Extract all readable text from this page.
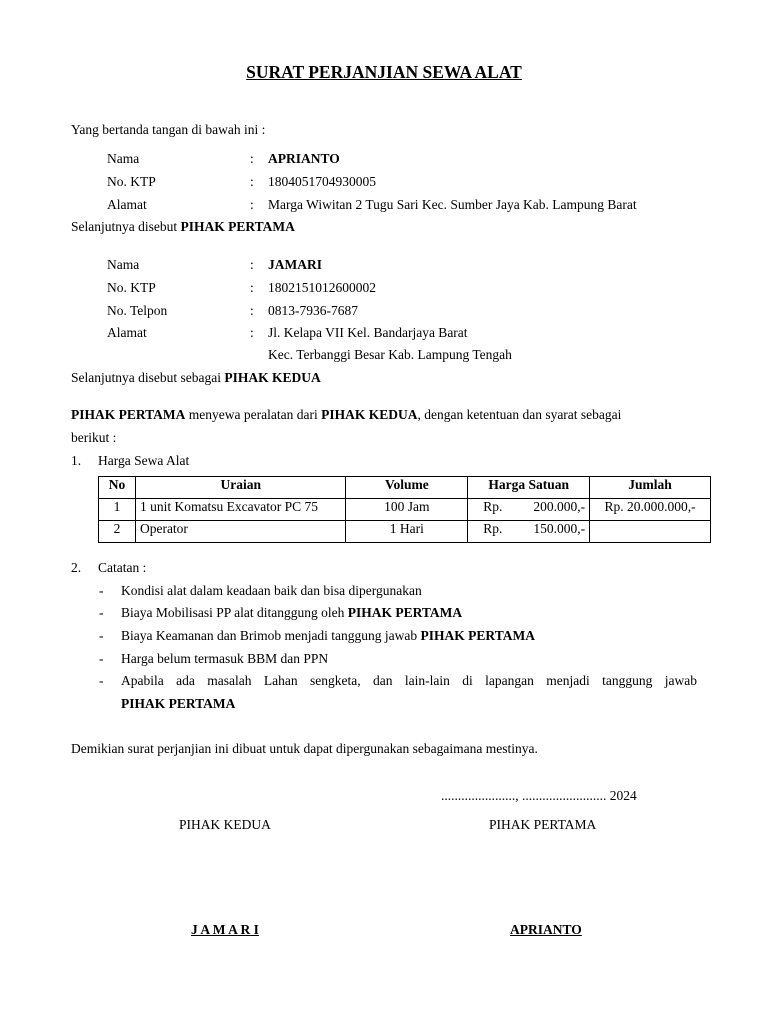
SURAT PERJANJIAN SEWA ALAT
Yang bertanda tangan di bawah ini :
Nama	: APRIANTO
No. KTP	: 1804051704930005
Alamat	: Marga Wiwitan 2 Tugu Sari Kec. Sumber Jaya Kab. Lampung Barat
Selanjutnya disebut PIHAK PERTAMA
Nama	: JAMARI
No. KTP	: 1802151012600002
No. Telpon	: 0813-7936-7687
Alamat	: Jl. Kelapa VII Kel. Bandarjaya Barat
Kec. Terbanggi Besar Kab. Lampung Tengah
Selanjutnya disebut sebagai PIHAK KEDUA
PIHAK PERTAMA menyewa peralatan dari PIHAK KEDUA, dengan ketentuan dan syarat sebagai
berikut :
1. Harga Sewa Alat
No	Uraian	Volume	Harga Satuan	Jumlah
1	1 unit Komatsu Excavator PC 75	100 Jam	Rp. 200.000,-	Rp. 20.000.000,-
2	Operator	1 Hari	Rp. 150.000,-	

2. Catatan :
- Kondisi alat dalam keadaan baik dan bisa dipergunakan
- Biaya Mobilisasi PP alat ditanggung oleh PIHAK PERTAMA
- Biaya Keamanan dan Brimob menjadi tanggung jawab PIHAK PERTAMA
- Harga belum termasuk BBM dan PPN
- Apabila ada masalah Lahan sengketa, dan lain-lain di lapangan menjadi tanggung jawab
PIHAK PERTAMA
Demikian surat perjanjian ini dibuat untuk dapat dipergunakan sebagaimana mestinya.
......................, ......................... 2024
PIHAK KEDUA	PIHAK PERTAMA
J A M A R I	APRIANTO
